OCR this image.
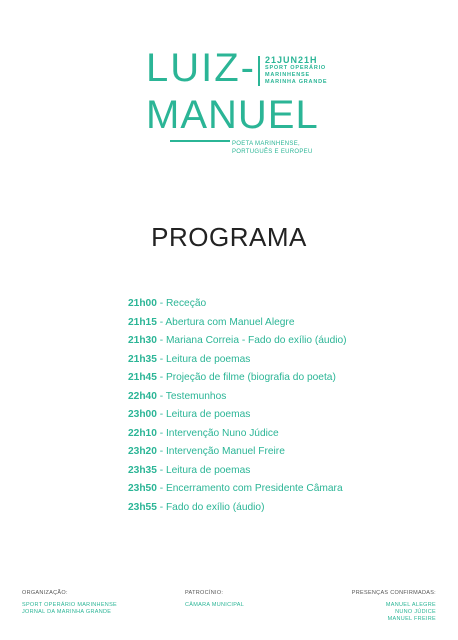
LUIZ-
MANUEL
21JUN21H
SPORT OPERÁRIO
MARINHENSE
MARINHA GRANDE
POETA MARINHENSE,
PORTUGUÊS E EUROPEU
PROGRAMA
21h00 - Receção
21h15 - Abertura com Manuel Alegre
21h30 - Mariana Correia - Fado do exílio (áudio)
21h35 - Leitura de poemas
21h45 - Projeção de filme (biografia do poeta)
22h40 - Testemunhos
23h00 - Leitura de poemas
22h10 - Intervenção Nuno Júdice
23h20 - Intervenção Manuel Freire
23h35 - Leitura de poemas
23h50 - Encerramento com Presidente Câmara
23h55 - Fado do exílio (áudio)
ORGANIZAÇÃO:
SPORT OPERÁRIO MARINHENSE
JORNAL DA MARINHA GRANDE
PATROCÍNIO:
CÂMARA MUNICIPAL
PRESENÇAS CONFIRMADAS:
MANUEL ALEGRE
NUNO JÚDICE
MANUEL FREIRE
